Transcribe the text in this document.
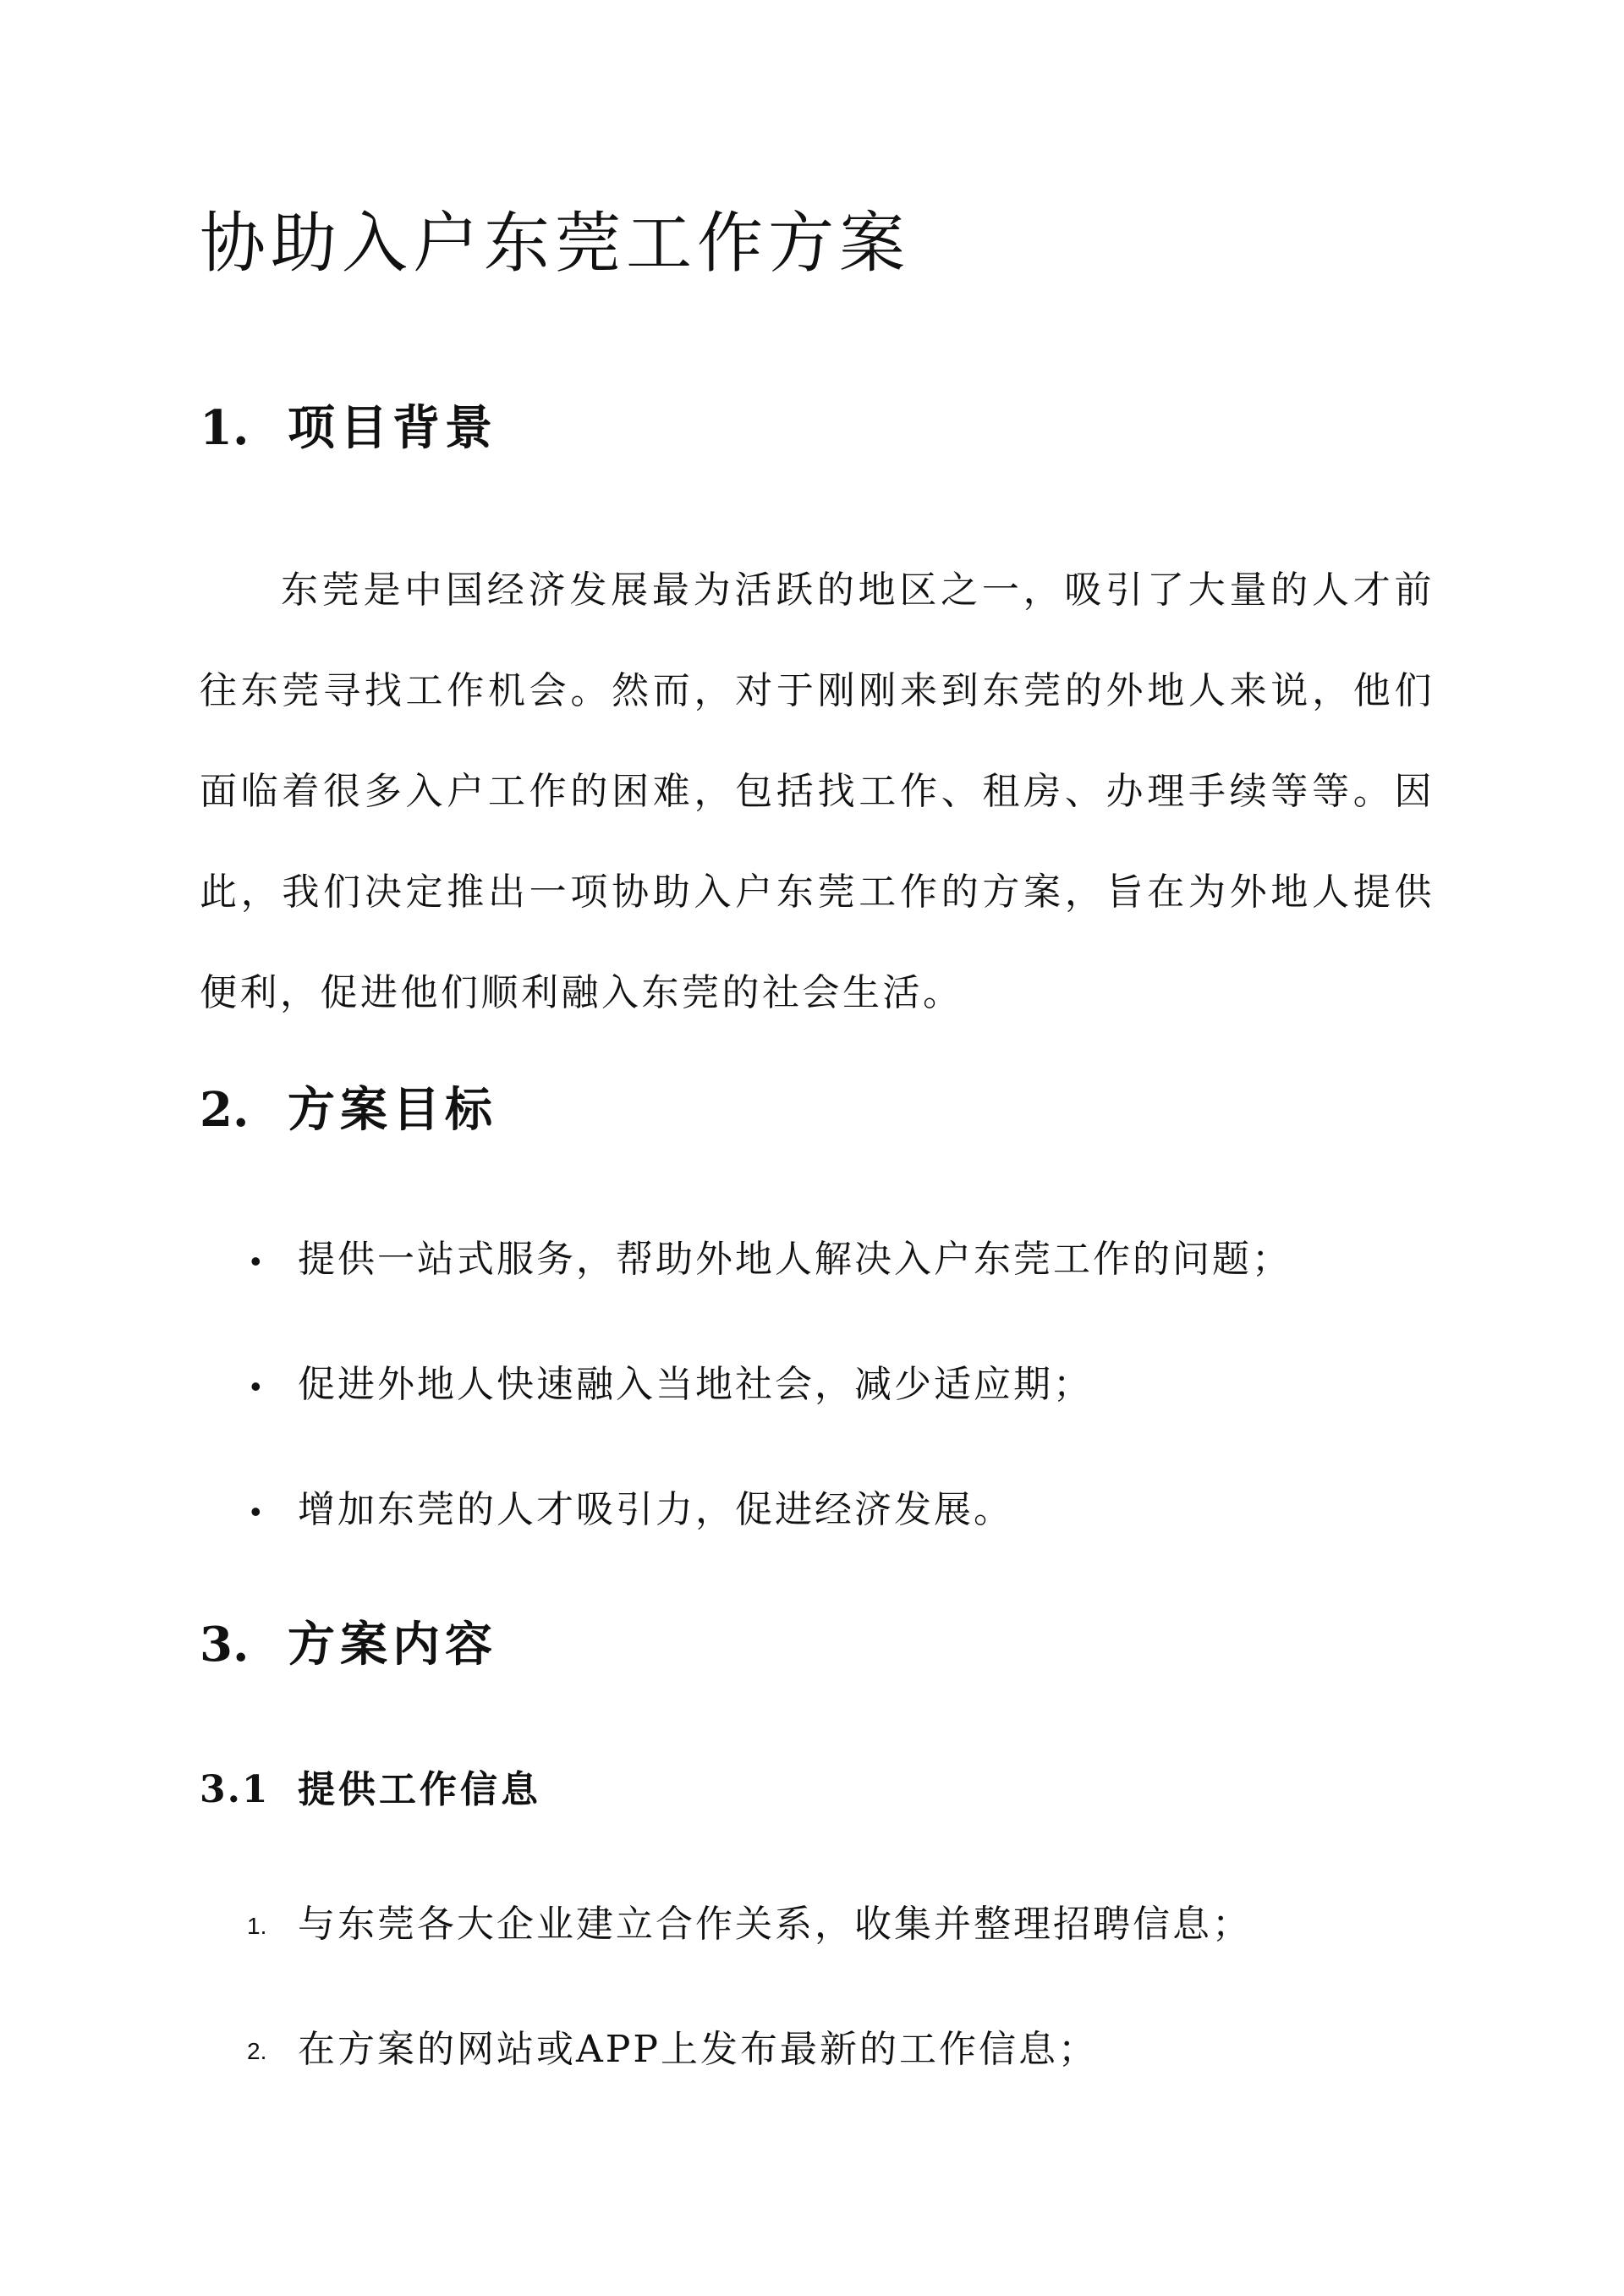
协助入户东莞工作方案
1. 项目背景

东莞是中国经济发展最为活跃的地区之一，吸引了大量的人才前往东莞寻找工作机会。然而，对于刚刚来到东莞的外地人来说，他们面临着很多入户工作的困难，包括找工作、租房、办理手续等等。因此，我们决定推出一项协助入户东莞工作的方案，旨在为外地人提供便利，促进他们顺利融入东莞的社会生活。

2. 方案目标
• 提供一站式服务，帮助外地人解决入户东莞工作的问题；
• 促进外地人快速融入当地社会，减少适应期；
• 增加东莞的人才吸引力，促进经济发展。
3. 方案内容
3.1 提供工作信息
1. 与东莞各大企业建立合作关系，收集并整理招聘信息；
2. 在方案的网站或APP上发布最新的工作信息；
